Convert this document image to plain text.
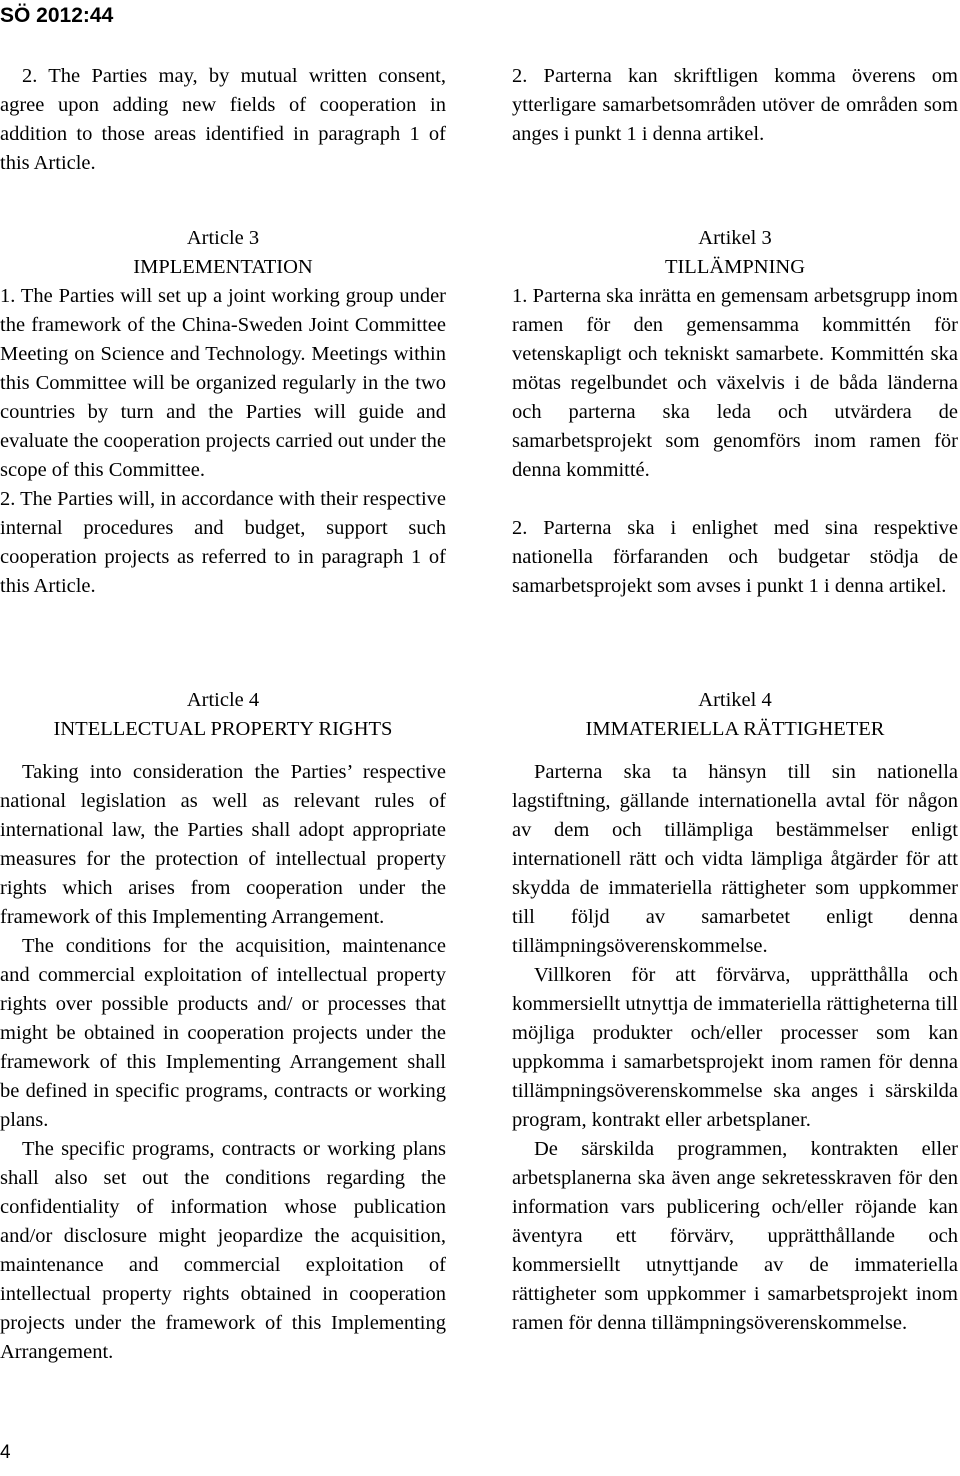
SÖ 2012:44

2. The Parties may, by mutual written consent, agree upon adding new fields of cooperation in addition to those areas identified in paragraph 1 of this Article.

Article 3
IMPLEMENTATION

1. The Parties will set up a joint working group under the framework of the China-Sweden Joint Committee Meeting on Science and Technology. Meetings within this Committee will be organized regularly in the two countries by turn and the Parties will guide and evaluate the cooperation projects carried out under the scope of this Committee.

2. The Parties will, in accordance with their respective internal procedures and budget, support such cooperation projects as referred to in paragraph 1 of this Article.

Article 4
INTELLECTUAL PROPERTY RIGHTS

Taking into consideration the Parties’ respective national legislation as well as relevant rules of international law, the Parties shall adopt appropriate measures for the protection of intellectual property rights which arises from cooperation under the framework of this Implementing Arrangement.

The conditions for the acquisition, maintenance and commercial exploitation of intellectual property rights over possible products and/ or processes that might be obtained in cooperation projects under the framework of this Implementing Arrangement shall be defined in specific programs, contracts or working plans.

The specific programs, contracts or working plans shall also set out the conditions regarding the confidentiality of information whose publication and/or disclosure might jeopardize the acquisition, maintenance and commercial exploitation of intellectual property rights obtained in cooperation projects under the framework of this Implementing Arrangement.

2. Parterna kan skriftligen komma överens om ytterligare samarbetsområden utöver de områden som anges i punkt 1 i denna artikel.

Artikel 3
TILLÄMPNING

1. Parterna ska inrätta en gemensam arbetsgrupp inom ramen för den gemensamma kommittén för vetenskapligt och tekniskt samarbete. Kommittén ska mötas regelbundet och växelvis i de båda länderna och parterna ska leda och utvärdera de samarbetsprojekt som genomförs inom ramen för denna kommitté.

2. Parterna ska i enlighet med sina respektive nationella förfaranden och budgetar stödja de samarbetsprojekt som avses i punkt 1 i denna artikel.

Artikel 4
IMMATERIELLA RÄTTIGHETER

Parterna ska ta hänsyn till sin nationella lagstiftning, gällande internationella avtal för någon av dem och tillämpliga bestämmelser enligt internationell rätt och vidta lämpliga åtgärder för att skydda de immateriella rättigheter som uppkommer till följd av samarbetet enligt denna tillämpningsöverenskommelse.

Villkoren för att förvärva, upprätthålla och kommersiellt utnyttja de immateriella rättigheterna till möjliga produkter och/eller processer som kan uppkomma i samarbetsprojekt inom ramen för denna tillämpningsöverenskommelse ska anges i särskilda program, kontrakt eller arbetsplaner.

De särskilda programmen, kontrakten eller arbetsplanerna ska även ange sekretesskraven för den information vars publicering och/eller röjande kan äventyra ett förvärv, upprätthållande och kommersiellt utnyttjande av de immateriella rättigheter som uppkommer i samarbetsprojekt inom ramen för denna tillämpningsöverenskommelse.

4
